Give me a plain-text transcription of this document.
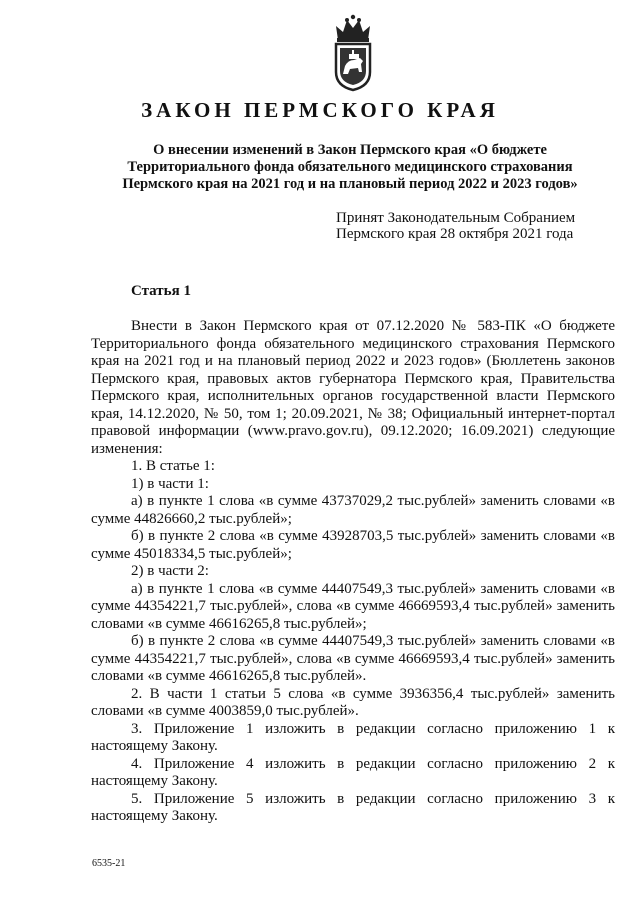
ЗАКОН ПЕРМСКОГО КРАЯ
О внесении изменений в Закон Пермского края «О бюджете
Территориального фонда обязательного медицинского страхования
Пермского края на 2021 год и на плановый период 2022 и 2023 годов»
Принят Законодательным Собранием
Пермского края 28 октября 2021 года
Статья 1

Внести в Закон Пермского края от 07.12.2020 № 583-ПК «О бюджете Территориального фонда обязательного медицинского страхования Пермского края на 2021 год и на плановый период 2022 и 2023 годов» (Бюллетень законов Пермского края, правовых актов губернатора Пермского края, Правительства Пермского края, исполнительных органов государственной власти Пермского края, 14.12.2020, № 50, том 1; 20.09.2021, № 38; Официальный интернет-портал правовой информации (www.pravo.gov.ru), 09.12.2020; 16.09.2021) следующие изменения:

1. В статье 1:

1) в части 1:

а) в пункте 1 слова «в сумме 43737029,2 тыс.рублей» заменить словами «в сумме 44826660,2 тыс.рублей»;

б) в пункте 2 слова «в сумме 43928703,5 тыс.рублей» заменить словами «в сумме 45018334,5 тыс.рублей»;

2) в части 2:

а) в пункте 1 слова «в сумме 44407549,3 тыс.рублей» заменить словами «в сумме 44354221,7 тыс.рублей», слова «в сумме 46669593,4 тыс.рублей» заменить словами «в сумме 46616265,8 тыс.рублей»;

б) в пункте 2 слова «в сумме 44407549,3 тыс.рублей» заменить словами «в сумме 44354221,7 тыс.рублей», слова «в сумме 46669593,4 тыс.рублей» заменить словами «в сумме 46616265,8 тыс.рублей».

2. В части 1 статьи 5 слова «в сумме 3936356,4 тыс.рублей» заменить словами «в сумме 4003859,0 тыс.рублей».

3. Приложение 1 изложить в редакции согласно приложению 1 к настоящему Закону.

4. Приложение 4 изложить в редакции согласно приложению 2 к настоящему Закону.

5. Приложение 5 изложить в редакции согласно приложению 3 к настоящему Закону.

6535-21
